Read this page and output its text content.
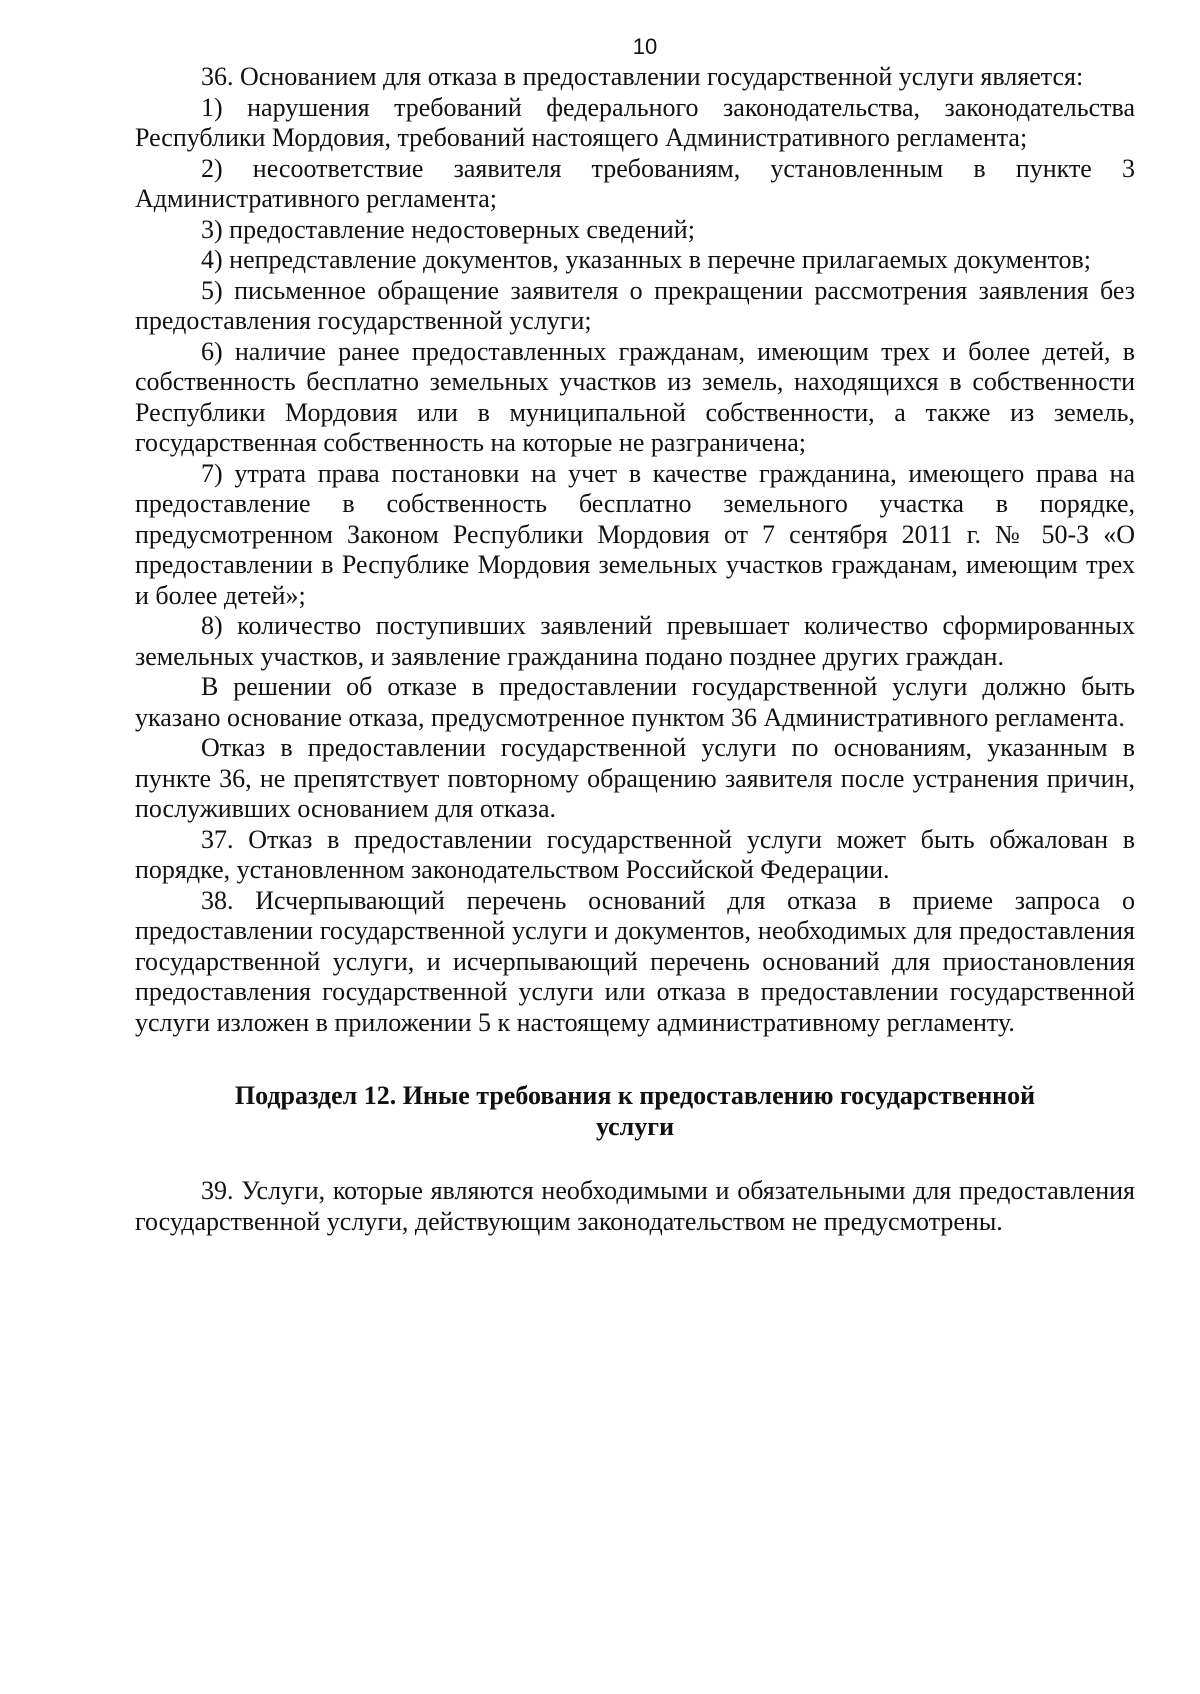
10

36. Основанием для отказа в предоставлении государственной услуги является:

1) нарушения требований федерального законодательства, законодательства Республики Мордовия, требований настоящего Административного регламента;

2) несоответствие заявителя требованиям, установленным в пункте 3 Административного регламента;

3) предоставление недостоверных сведений;

4) непредставление документов, указанных в перечне прилагаемых документов;

5) письменное обращение заявителя о прекращении рассмотрения заявления без предоставления государственной услуги;

6) наличие ранее предоставленных гражданам, имеющим трех и более детей, в собственность бесплатно земельных участков из земель, находящихся в собственности Республики Мордовия или в муниципальной собственности, а также из земель, государственная собственность на которые не разграничена;

7) утрата права постановки на учет в качестве гражданина, имеющего права на предоставление в собственность бесплатно земельного участка в порядке, предусмотренном Законом Республики Мордовия от 7 сентября 2011 г. № 50-З «О предоставлении в Республике Мордовия земельных участков гражданам, имеющим трех и более детей»;

8) количество поступивших заявлений превышает количество сформированных земельных участков, и заявление гражданина подано позднее других граждан.

В решении об отказе в предоставлении государственной услуги должно быть указано основание отказа, предусмотренное пунктом 36 Административного регламента.

Отказ в предоставлении государственной услуги по основаниям, указанным в пункте 36, не препятствует повторному обращению заявителя после устранения причин, послуживших основанием для отказа.

37. Отказ в предоставлении государственной услуги может быть обжалован в порядке, установленном законодательством Российской Федерации.

38. Исчерпывающий перечень оснований для отказа в приеме запроса о предоставлении государственной услуги и документов, необходимых для предоставления государственной услуги, и исчерпывающий перечень оснований для приостановления предоставления государственной услуги или отказа в предоставлении государственной услуги изложен в приложении 5 к настоящему административному регламенту.

Подраздел 12. Иные требования к предоставлению государственной
услуги

39. Услуги, которые являются необходимыми и обязательными для предоставления государственной услуги, действующим законодательством не предусмотрены.
